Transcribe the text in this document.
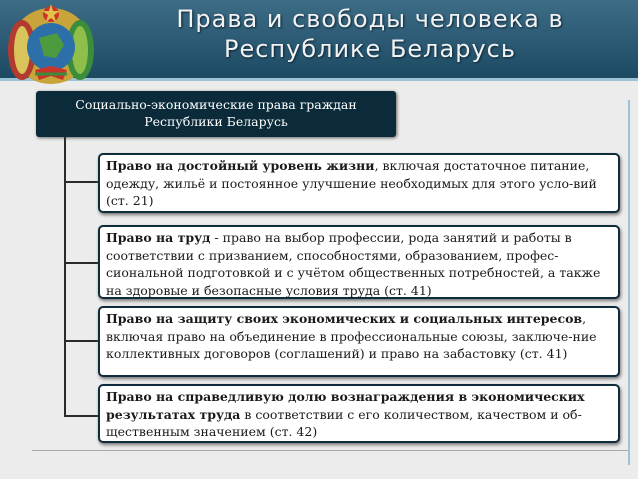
Права и свободы человека в
Республике Беларусь
Социально-экономические права граждан
Республики Беларусь
Право на достойный уровень жизни, включая достаточное питание, одежду, жильё и постоянное улучшение необходимых для этого усло-вий (ст. 21)
Право на труд - право на выбор профессии, рода занятий и работы в соответствии с призванием, способностями, образованием, профес-сиональной подготовкой и с учётом общественных потребностей, а также на здоровые и безопасные условия труда (ст. 41)
Право на защиту своих экономических и социальных интересов, включая право на объединение в профессиональные союзы, заключе-ние коллективных договоров (соглашений) и право на забастовку (ст. 41)
Право на справедливую долю вознаграждения в экономических результатах труда в соответствии с его количеством, качеством и об-щественным значением (ст. 42)
